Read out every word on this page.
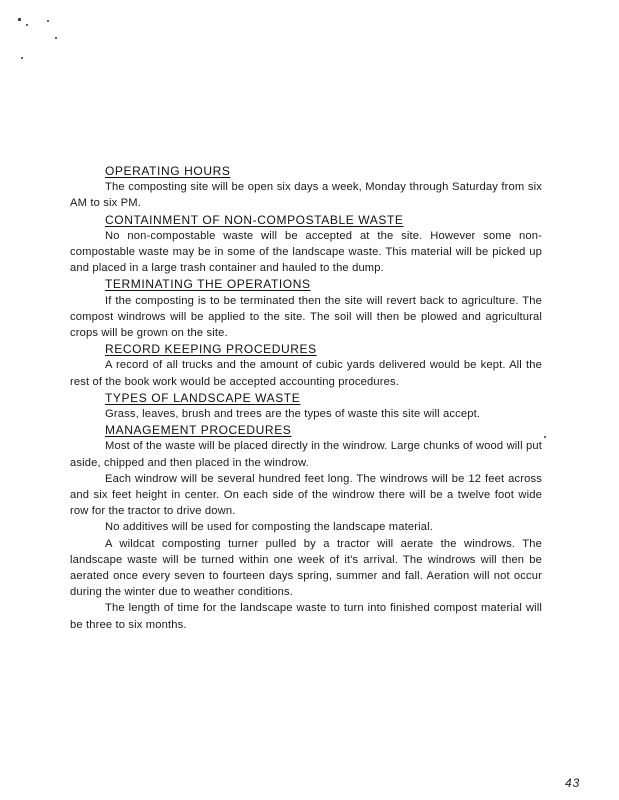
OPERATING HOURS

The composting site will be open six days a week, Monday through Saturday from six AM to six PM.

CONTAINMENT OF NON-COMPOSTABLE WASTE

No non-compostable waste will be accepted at the site. However some non-compostable waste may be in some of the landscape waste. This material will be picked up and placed in a large trash container and hauled to the dump.

TERMINATING THE OPERATIONS

If the composting is to be terminated then the site will revert back to agriculture. The compost windrows will be applied to the site. The soil will then be plowed and agricultural crops will be grown on the site.

RECORD KEEPING PROCEDURES

A record of all trucks and the amount of cubic yards delivered would be kept. All the rest of the book work would be accepted accounting procedures.

TYPES OF LANDSCAPE WASTE

Grass, leaves, brush and trees are the types of waste this site will accept.

MANAGEMENT PROCEDURES

Most of the waste will be placed directly in the windrow. Large chunks of wood will put aside, chipped and then placed in the windrow.

Each windrow will be several hundred feet long. The windrows will be 12 feet across and six feet height in center. On each side of the windrow there will be a twelve foot wide row for the tractor to drive down.

No additives will be used for composting the landscape material.

A wildcat composting turner pulled by a tractor will aerate the windrows. The landscape waste will be turned within one week of it's arrival. The windrows will then be aerated once every seven to fourteen days spring, summer and fall. Aeration will not occur during the winter due to weather conditions.

The length of time for the landscape waste to turn into finished compost material will be three to six months.

43
